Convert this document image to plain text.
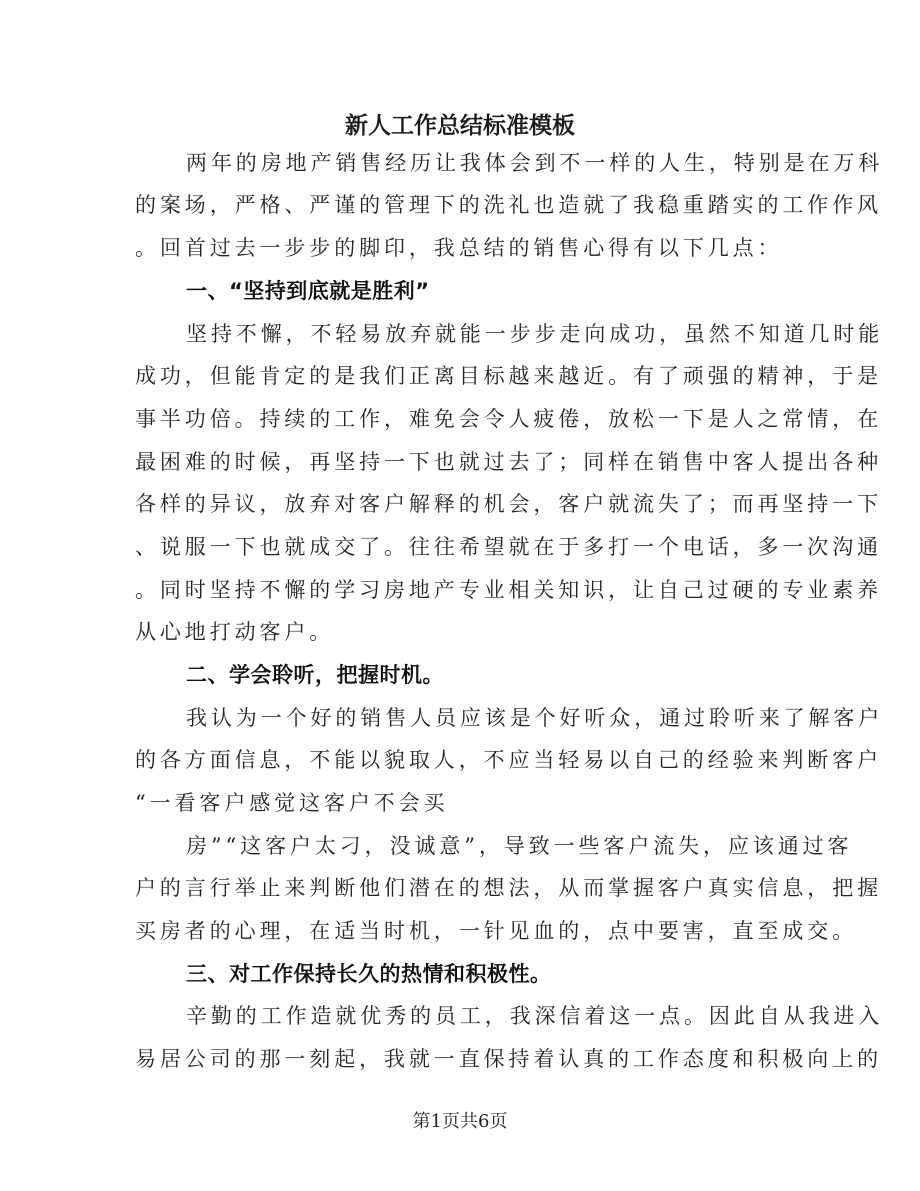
新人工作总结标准模板
两年的房地产销售经历让我体会到不一样的人生，特别是在万科
的案场，严格、严谨的管理下的洗礼也造就了我稳重踏实的工作作风
。回首过去一步步的脚印，我总结的销售心得有以下几点：
一、“坚持到底就是胜利”
坚持不懈，不轻易放弃就能一步步走向成功，虽然不知道几时能
成功，但能肯定的是我们正离目标越来越近。有了顽强的精神，于是
事半功倍。持续的工作，难免会令人疲倦，放松一下是人之常情，在
最困难的时候，再坚持一下也就过去了；同样在销售中客人提出各种
各样的异议，放弃对客户解释的机会，客户就流失了；而再坚持一下
、说服一下也就成交了。往往希望就在于多打一个电话，多一次沟通
。同时坚持不懈的学习房地产专业相关知识，让自己过硬的专业素养
从心地打动客户。
二、学会聆听，把握时机。
我认为一个好的销售人员应该是个好听众，通过聆听来了解客户
的各方面信息，不能以貌取人，不应当轻易以自己的经验来判断客户
“一看客户感觉这客户不会买
房”“这客户太刁，没诚意”，导致一些客户流失，应该通过客
户的言行举止来判断他们潜在的想法，从而掌握客户真实信息，把握
买房者的心理，在适当时机，一针见血的，点中要害，直至成交。
三、对工作保持长久的热情和积极性。
辛勤的工作造就优秀的员工，我深信着这一点。因此自从我进入
易居公司的那一刻起，我就一直保持着认真的工作态度和积极向上的
第1页共6页
